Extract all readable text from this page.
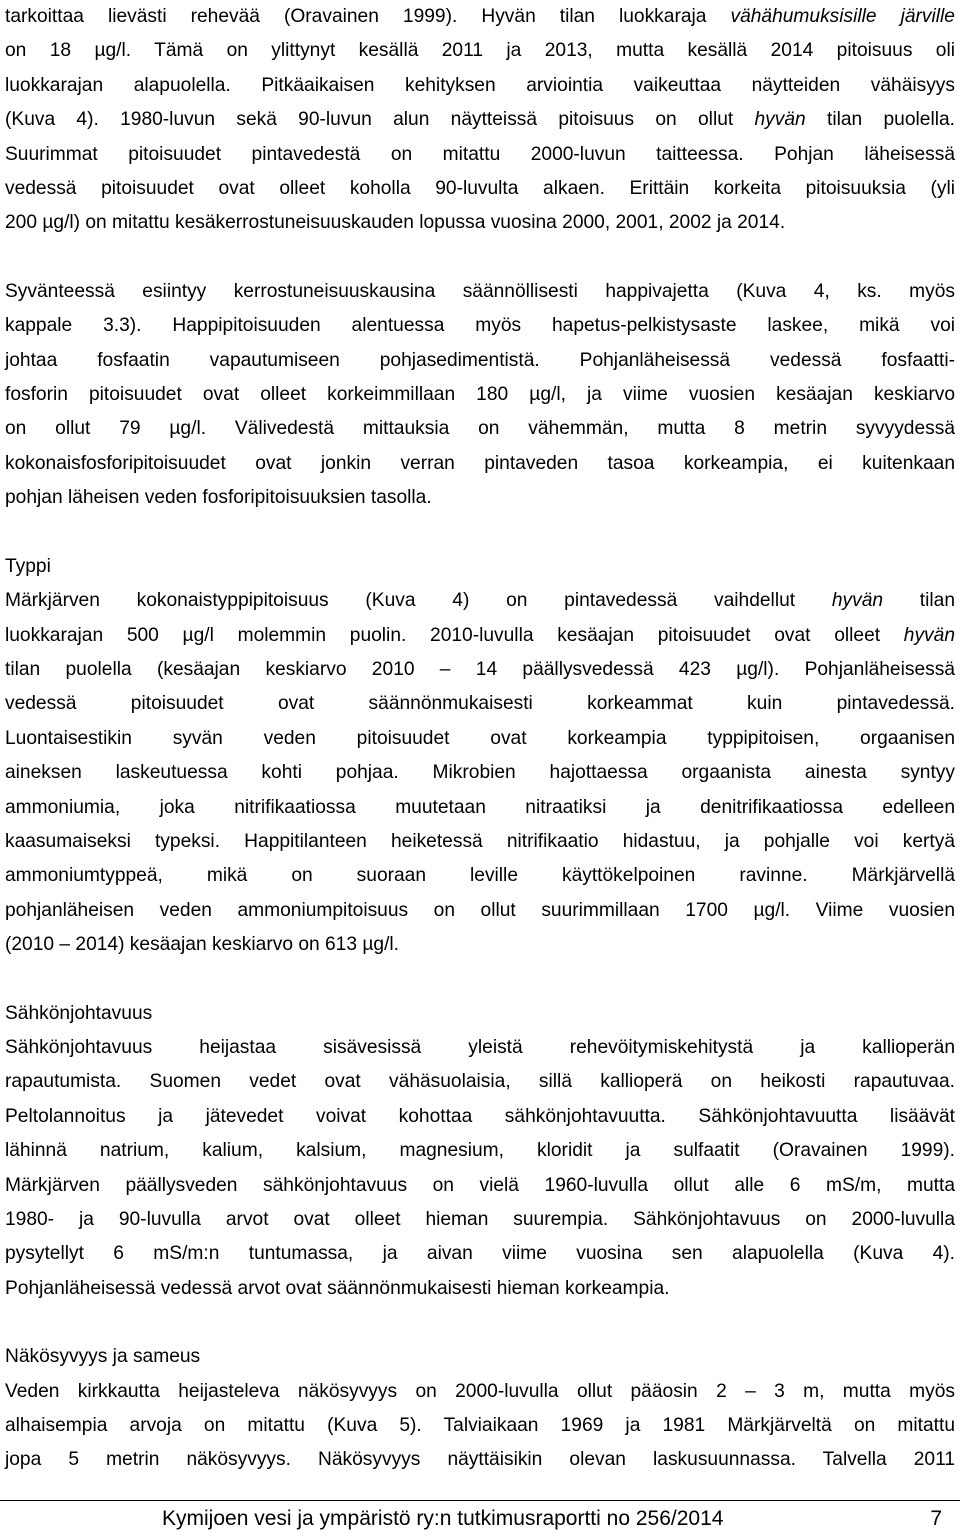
tarkoittaa lievästi rehevää (Oravainen 1999). Hyvän tilan luokkaraja vähähumuksisille järville
on 18 µg/l. Tämä on ylittynyt kesällä 2011 ja 2013, mutta kesällä 2014 pitoisuus oli
luokkarajan alapuolella. Pitkäaikaisen kehityksen arviointia vaikeuttaa näytteiden vähäisyys
(Kuva 4). 1980-luvun sekä 90-luvun alun näytteissä pitoisuus on ollut hyvän tilan puolella.
Suurimmat pitoisuudet pintavedestä on mitattu 2000-luvun taitteessa. Pohjan läheisessä
vedessä pitoisuudet ovat olleet koholla 90-luvulta alkaen. Erittäin korkeita pitoisuuksia (yli
200 µg/l) on mitattu kesäkerrostuneisuuskauden lopussa vuosina 2000, 2001, 2002 ja 2014.
Syvänteessä esiintyy kerrostuneisuuskausina säännöllisesti happivajetta (Kuva 4, ks. myös
kappale 3.3). Happipitoisuuden alentuessa myös hapetus-pelkistysaste laskee, mikä voi
johtaa fosfaatin vapautumiseen pohjasedimentistä. Pohjanläheisessä vedessä fosfaatti-
fosforin pitoisuudet ovat olleet korkeimmillaan 180 µg/l, ja viime vuosien kesäajan keskiarvo
on ollut 79 µg/l. Välivedestä mittauksia on vähemmän, mutta 8 metrin syvyydessä
kokonaisfosforipitoisuudet ovat jonkin verran pintaveden tasoa korkeampia, ei kuitenkaan
pohjan läheisen veden fosforipitoisuuksien tasolla.
Typpi
Märkjärven kokonaistyppipitoisuus (Kuva 4) on pintavedessä vaihdellut hyvän tilan
luokkarajan 500 µg/l molemmin puolin. 2010-luvulla kesäajan pitoisuudet ovat olleet hyvän
tilan puolella (kesäajan keskiarvo 2010 – 14 päällysvedessä 423 µg/l). Pohjanläheisessä
vedessä pitoisuudet ovat säännönmukaisesti korkeammat kuin pintavedessä.
Luontaisestikin syvän veden pitoisuudet ovat korkeampia typpipitoisen, orgaanisen
aineksen laskeutuessa kohti pohjaa. Mikrobien hajottaessa orgaanista ainesta syntyy
ammoniumia, joka nitrifikaatiossa muutetaan nitraatiksi ja denitrifikaatiossa edelleen
kaasumaiseksi typeksi. Happitilanteen heiketessä nitrifikaatio hidastuu, ja pohjalle voi kertyä
ammoniumtyppeä, mikä on suoraan leville käyttökelpoinen ravinne. Märkjärvellä
pohjanläheisen veden ammoniumpitoisuus on ollut suurimmillaan 1700 µg/l. Viime vuosien
(2010 – 2014) kesäajan keskiarvo on 613 µg/l.
Sähkönjohtavuus
Sähkönjohtavuus heijastaa sisävesissä yleistä rehevöitymiskehitystä ja kallioperän
rapautumista. Suomen vedet ovat vähäsuolaisia, sillä kallioperä on heikosti rapautuvaa.
Peltolannoitus ja jätevedet voivat kohottaa sähkönjohtavuutta. Sähkönjohtavuutta lisäävät
lähinnä natrium, kalium, kalsium, magnesium, kloridit ja sulfaatit (Oravainen 1999).
Märkjärven päällysveden sähkönjohtavuus on vielä 1960-luvulla ollut alle 6 mS/m, mutta
1980- ja 90-luvulla arvot ovat olleet hieman suurempia. Sähkönjohtavuus on 2000-luvulla
pysytellyt 6 mS/m:n tuntumassa, ja aivan viime vuosina sen alapuolella (Kuva 4).
Pohjanläheisessä vedessä arvot ovat säännönmukaisesti hieman korkeampia.
Näkösyvyys ja sameus
Veden kirkkautta heijasteleva näkösyvyys on 2000-luvulla ollut pääosin 2 – 3 m, mutta myös
alhaisempia arvoja on mitattu (Kuva 5). Talviaikaan 1969 ja 1981 Märkjärveltä on mitattu
jopa 5 metrin näkösyvyys. Näkösyvyys näyttäisikin olevan laskusuunnassa. Talvella 2011
Kymijoen vesi ja ympäristö ry:n tutkimusraportti no 256/2014	7
